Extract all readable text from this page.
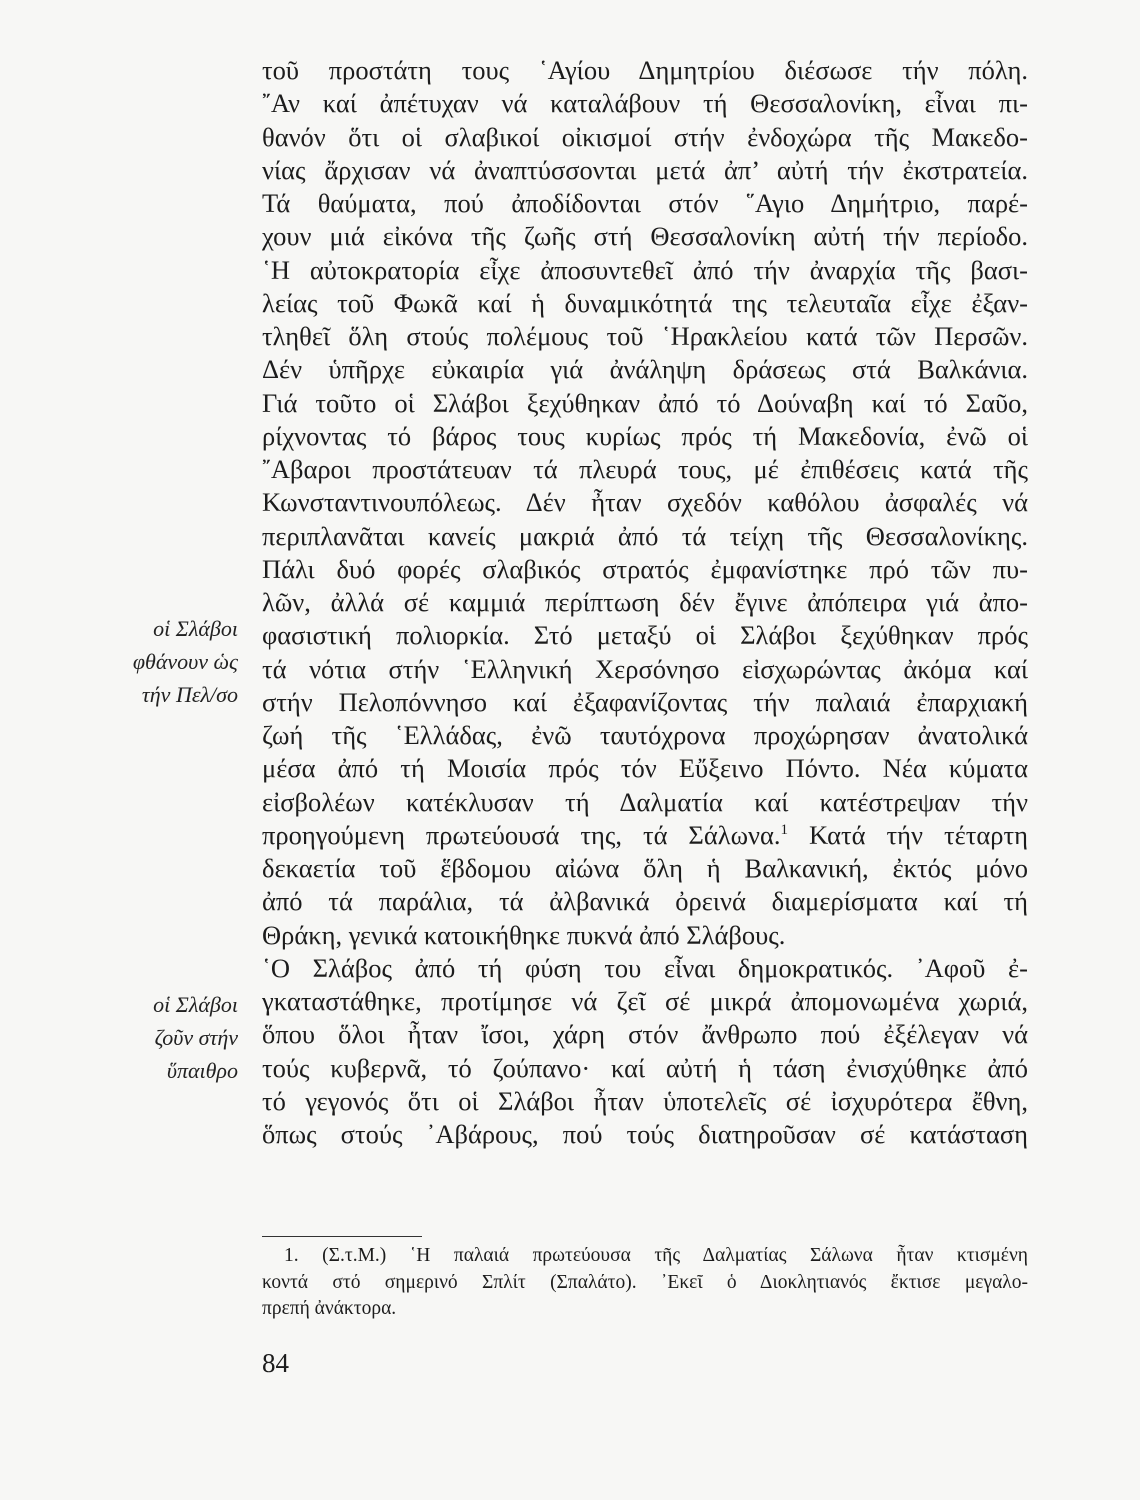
τοῦ προστάτη τους ῾Αγίου Δημητρίου διέσωσε τήν πόλη.
῎Αν καί ἀπέτυχαν νά καταλάβουν τή Θεσσαλονίκη, εἶναι πι-
θανόν ὅτι οἱ σλαβικοί οἰκισμοί στήν ἐνδοχώρα τῆς Μακεδο-
νίας ἄρχισαν νά ἀναπτύσσονται μετά ἀπ’ αὐτή τήν ἐκστρατεία.
Τά θαύματα, πού ἀποδίδονται στόν ῞Αγιο Δημήτριο, παρέ-
χουν μιά εἰκόνα τῆς ζωῆς στή Θεσσαλονίκη αὐτή τήν περίοδο.
῾Η αὐτοκρατορία εἶχε ἀποσυντεθεῖ ἀπό τήν ἀναρχία τῆς βασι-
λείας τοῦ Φωκᾶ καί ἡ δυναμικότητά της τελευταῖα εἶχε ἐξαν-
τληθεῖ ὅλη στούς πολέμους τοῦ ῾Ηρακλείου κατά τῶν Περσῶν.
Δέν ὑπῆρχε εὐκαιρία γιά ἀνάληψη δράσεως στά Βαλκάνια.
Γιά τοῦτο οἱ Σλάβοι ξεχύθηκαν ἀπό τό Δούναβη καί τό Σαῦο,
ρίχνοντας τό βάρος τους κυρίως πρός τή Μακεδονία, ἐνῶ οἱ
῎Αβαροι προστάτευαν τά πλευρά τους, μέ ἐπιθέσεις κατά τῆς
Κωνσταντινουπόλεως. Δέν ἦταν σχεδόν καθόλου ἀσφαλές νά
περιπλανᾶται κανείς μακριά ἀπό τά τείχη τῆς Θεσσαλονίκης.
Πάλι δυό φορές σλαβικός στρατός ἐμφανίστηκε πρό τῶν πυ-
λῶν, ἀλλά σέ καμμιά περίπτωση δέν ἔγινε ἀπόπειρα γιά ἀπο-
φασιστική πολιορκία. Στό μεταξύ οἱ Σλάβοι ξεχύθηκαν πρός
τά νότια στήν ῾Ελληνική Χερσόνησο εἰσχωρώντας ἀκόμα καί
στήν Πελοπόννησο καί ἐξαφανίζοντας τήν παλαιά ἐπαρχιακή
ζωή τῆς ῾Ελλάδας, ἐνῶ ταυτόχρονα προχώρησαν ἀνατολικά
μέσα ἀπό τή Μοισία πρός τόν Εὔξεινο Πόντο. Νέα κύματα
εἰσβολέων κατέκλυσαν τή Δαλματία καί κατέστρεψαν τήν
προηγούμενη πρωτεύουσά της, τά Σάλωνα.$^1$ Κατά τήν τέταρτη
δεκαετία τοῦ ἕβδομου αἰώνα ὅλη ἡ Βαλκανική, ἐκτός μόνο
ἀπό τά παράλια, τά ἀλβανικά ὀρεινά διαμερίσματα καί τή
Θράκη, γενικά κατοικήθηκε πυκνά ἀπό Σλάβους.
῾Ο Σλάβος ἀπό τή φύση του εἶναι δημοκρατικός. ᾿Αφοῦ ἐ-
γκαταστάθηκε, προτίμησε νά ζεῖ σέ μικρά ἀπομονωμένα χωριά,
ὅπου ὅλοι ἦταν ἴσοι, χάρη στόν ἄνθρωπο πού ἐξέλεγαν νά
τούς κυβερνᾶ, τό ζούπανο· καί αὐτή ἡ τάση ἐνισχύθηκε ἀπό
τό γεγονός ὅτι οἱ Σλάβοι ἦταν ὑποτελεῖς σέ ἰσχυρότερα ἔθνη,
ὅπως στούς ᾿Αβάρους, πού τούς διατηροῦσαν σέ κατάσταση
οἱ Σλάβοι
φθάνουν ὡς
τήν Πελ/σο
οἱ Σλάβοι
ζοῦν στήν
ὕπαιθρο
1. (Σ.τ.Μ.) ῾Η παλαιά πρωτεύουσα τῆς Δαλματίας Σάλωνα ἦταν κτισμένη
κοντά στό σημερινό Σπλίτ (Σπαλάτο). ᾿Εκεῖ ὁ Διοκλητιανός ἔκτισε μεγαλο-
πρεπή ἀνάκτορα.
84
